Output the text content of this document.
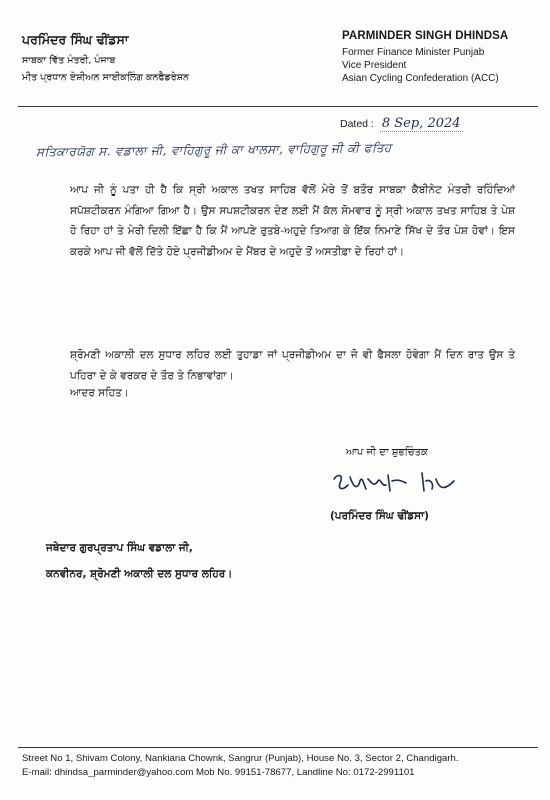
ਪਰਮਿੰਦਰ ਸਿੰਘ ਢੀਂਡਸਾ
ਸਾਬਕਾ ਵਿੱਤ ਮੰਤਰੀ, ਪੰਜਾਬ
ਮੀਤ ਪ੍ਰਧਾਨ ਏਸ਼ੀਅਨ ਸਾਈਕਲਿੰਗ ਕਨਫੈਡਰੇਸ਼ਨ
PARMINDER SINGH DHINDSA
Former Finance Minister Punjab
Vice President
Asian Cycling Confederation (ACC)
Dated : 8 Sep, 2024
ਸਤਿਕਾਰਯੋਗ ਸ. ਵਡਾਲਾ ਜੀ, ਵਾਹਿਗੁਰੂ ਜੀ ਕਾ ਖਾਲਸਾ, ਵਾਹਿਗੁਰੂ ਜੀ ਕੀ ਫਤਿਹ
ਆਪ ਜੀ ਨੂੰ ਪਤਾ ਹੀ ਹੈ ਕਿ ਸ੍ਰੀ ਅਕਾਲ ਤਖਤ ਸਾਹਿਬ ਵੱਲੋਂ ਮੇਰੇ ਤੋਂ ਬਤੌਰ ਸਾਬਕਾ ਕੈਬੀਨੇਟ ਮੰਤਰੀ ਰਹਿੰਦਿਆਂ ਸਪੱਸ਼ਟੀਕਰਨ ਮੰਗਿਆ ਗਿਆ ਹੈ। ਉਸ ਸਪਸ਼ਟੀਕਰਨ ਦੇਣ ਲਈ ਮੈਂ ਕੱਲ ਸੋਮਵਾਰ ਨੂੰ ਸ੍ਰੀ ਅਕਾਲ ਤਖਤ ਸਾਹਿਬ ਤੇ ਪੇਸ਼ ਹੋ ਰਿਹਾ ਹਾਂ ਤੇ ਮੇਰੀ ਦਿਲੀ ਇੱਛਾ ਹੈ ਕਿ ਮੈਂ ਆਪਣੇ ਰੁਤਬੇ-ਅਹੁਦੇ ਤਿਆਗ ਕੇ ਇੱਕ ਨਿਮਾਣੇ ਸਿੱਖ ਦੇ ਤੌਰ ਪੇਸ਼ ਹੋਵਾਂ। ਇਸ ਕਰਕੇ ਆਪ ਜੀ ਵੱਲੋਂ ਦਿੱਤੇ ਹੋਏ ਪ੍ਰਜੀਡੀਅਮ ਦੇ ਮੈਂਬਰ ਦੇ ਅਹੁਦੇ ਤੋਂ ਅਸਤੀਫ਼ਾ ਦੇ ਰਿਹਾਂ ਹਾਂ।
ਸ਼੍ਰੋਮਣੀ ਅਕਾਲੀ ਦਲ ਸੁਧਾਰ ਲਹਿਰ ਲਈ ਤੁਹਾਡਾ ਜਾਂ ਪ੍ਰਜੀਡੀਅਮ ਦਾ ਜੋ ਵੀ ਫੈਸਲਾ ਹੋਵੇਗਾ ਮੈਂ ਦਿਨ ਰਾਤ ਉਸ ਤੇ ਪਹਿਰਾ ਦੇ ਕੇ ਵਰਕਰ ਦੇ ਤੌਰ ਤੇ ਨਿਭਾਵਾਂਗਾ।
ਆਦਰ ਸਹਿਤ।
ਆਪ ਜੀ ਦਾ ਸ਼ੁਭਚਿੰਤਕ
(ਪਰਮਿੰਦਰ ਸਿੰਘ ਢੀਂਡਸਾ)
ਜਥੇਦਾਰ ਗੁਰਪ੍ਰਤਾਪ ਸਿੰਘ ਵਡਾਲਾ ਜੀ,
ਕਨਵੀਨਰ, ਸ਼੍ਰੋਮਣੀ ਅਕਾਲੀ ਦਲ ਸੁਧਾਰ ਲਹਿਰ।
Street No 1, Shivam Colony, Nankiana Chownk, Sangrur (Punjab), House No. 3, Sector 2, Chandigarh.
E-mail: dhindsa_parminder@yahoo.com Mob No. 99151-78677, Landline No: 0172-2991101
